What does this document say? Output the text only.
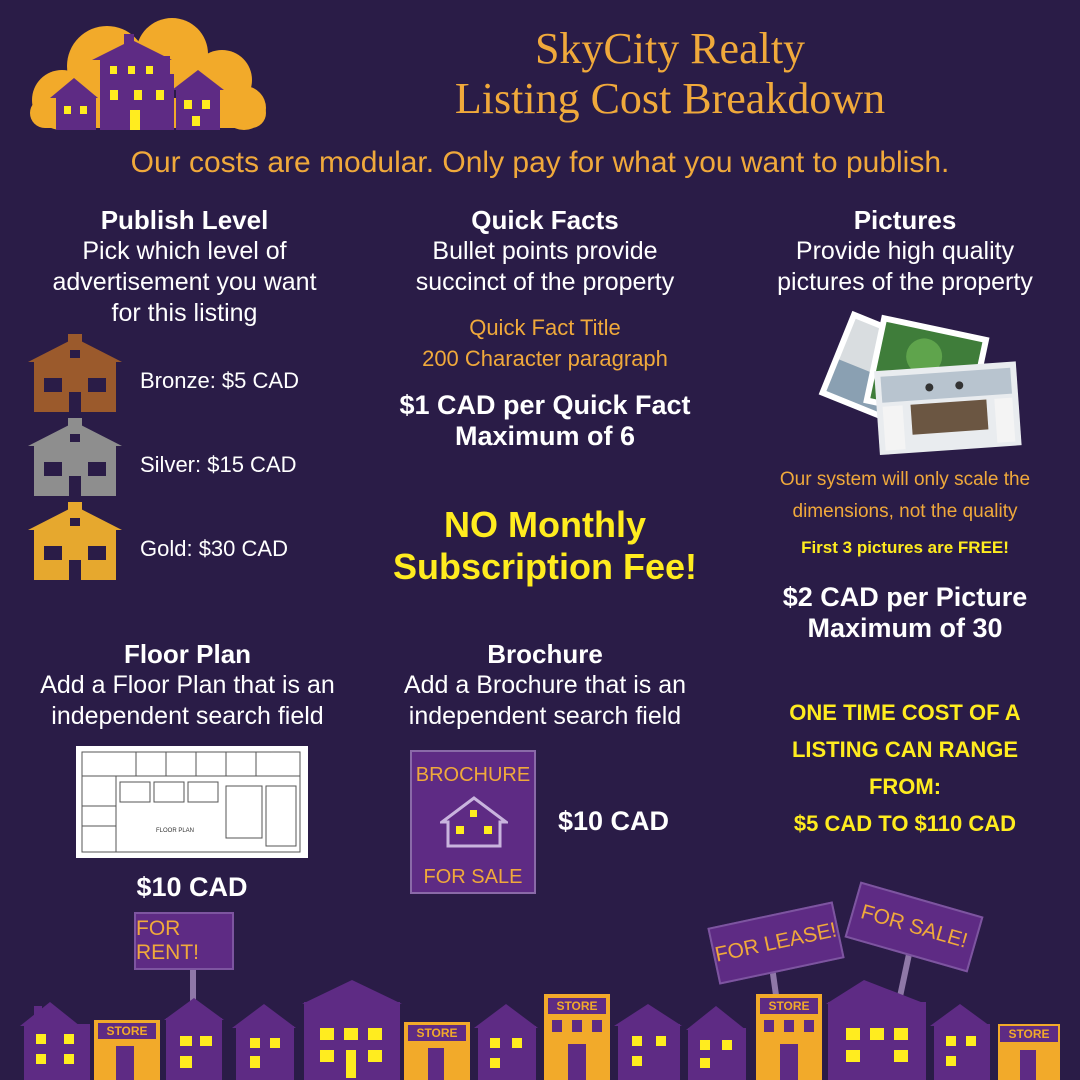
SkyCity Realty
Listing Cost Breakdown
Our costs are modular. Only pay for what you want to publish.
Publish Level
Pick which level of
advertisement you want
for this listing
Bronze: $5 CAD
Silver: $15 CAD
Gold: $30 CAD
Quick Facts
Bullet points provide
succinct of the property
Quick Fact Title
200 Character paragraph
$1 CAD per Quick Fact
Maximum of 6
NO Monthly
Subscription Fee!
Pictures
Provide high quality
pictures of the property
Our system will only scale the
dimensions, not the quality
First 3 pictures are FREE!
$2 CAD per Picture
Maximum of 30
ONE TIME COST OF A
LISTING CAN RANGE
FROM:
$5 CAD TO $110 CAD
Floor Plan
Add a Floor Plan that is an
independent search field
FLOOR PLAN
$10 CAD
Brochure
Add a Brochure that is an
independent search field
BROCHURE
FOR SALE
$10 CAD
FOR RENT!	FOR LEASE! FOR SALE!
STORE	STORE
STORE	STORE
STORE
